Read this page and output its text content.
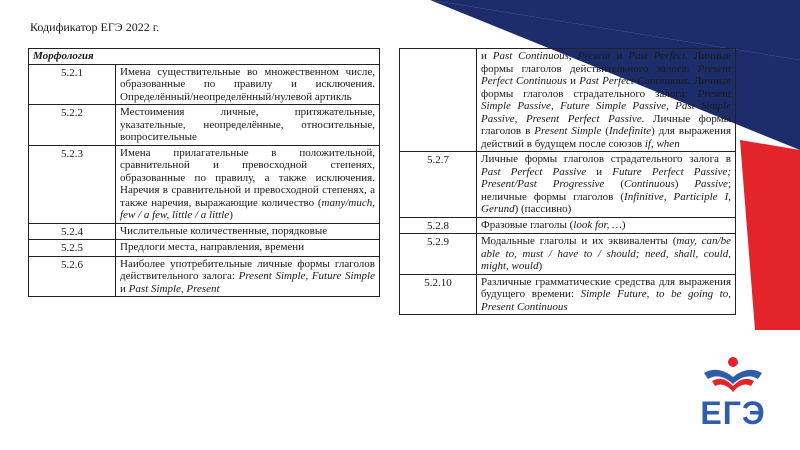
Кодификатор ЕГЭ 2022 г.
Морфология	
5.2.1	Имена существительные во множественном числе, образованные по правилу и исключения. Определённый/неопределённый/нулевой артикль
5.2.2	Местоимения личные, притяжательные, указательные, неопределённые, относительные, вопросительные
5.2.3	Имена прилагательные в положительной, сравнительной и превосходной степенях, образованные по правилу, а также исключения. Наречия в сравнительной и превосходной степенях, а также наречия, выражающие количество (many/much, few / a few, little / a little)
5.2.4	Числительные количественные, порядковые
5.2.5	Предлоги места, направления, времени
5.2.6	Наиболее употребительные личные формы глаголов действительного залога: Present Simple, Future Simple и Past Simple, Present
	и Past Continuous, Present и Past Perfect. Личные формы глаголов действительного залога: Present Perfect Continuous и Past Perfect Continuous. Личные формы глаголов страдательного залога: Present Simple Passive, Future Simple Passive, Past Simple Passive, Present Perfect Passive. Личные формы глаголов в Present Simple (Indefinite) для выражения действий в будущем после союзов if, when
5.2.7	Личные формы глаголов страдательного залога в Past Perfect Passive и Future Perfect Passive; Present/Past Progressive (Continuous) Passive; неличные формы глаголов (Infinitive, Participle I, Gerund) (пассивно)
5.2.8	Фразовые глаголы (look for, …)
5.2.9	Модальные глаголы и их эквиваленты (may, can/be able to, must / have to / should; need, shall, could, might, would)
5.2.10	Различные грамматические средства для выражения будущего времени: Simple Future, to be going to, Present Continuous
ЕГЭ
